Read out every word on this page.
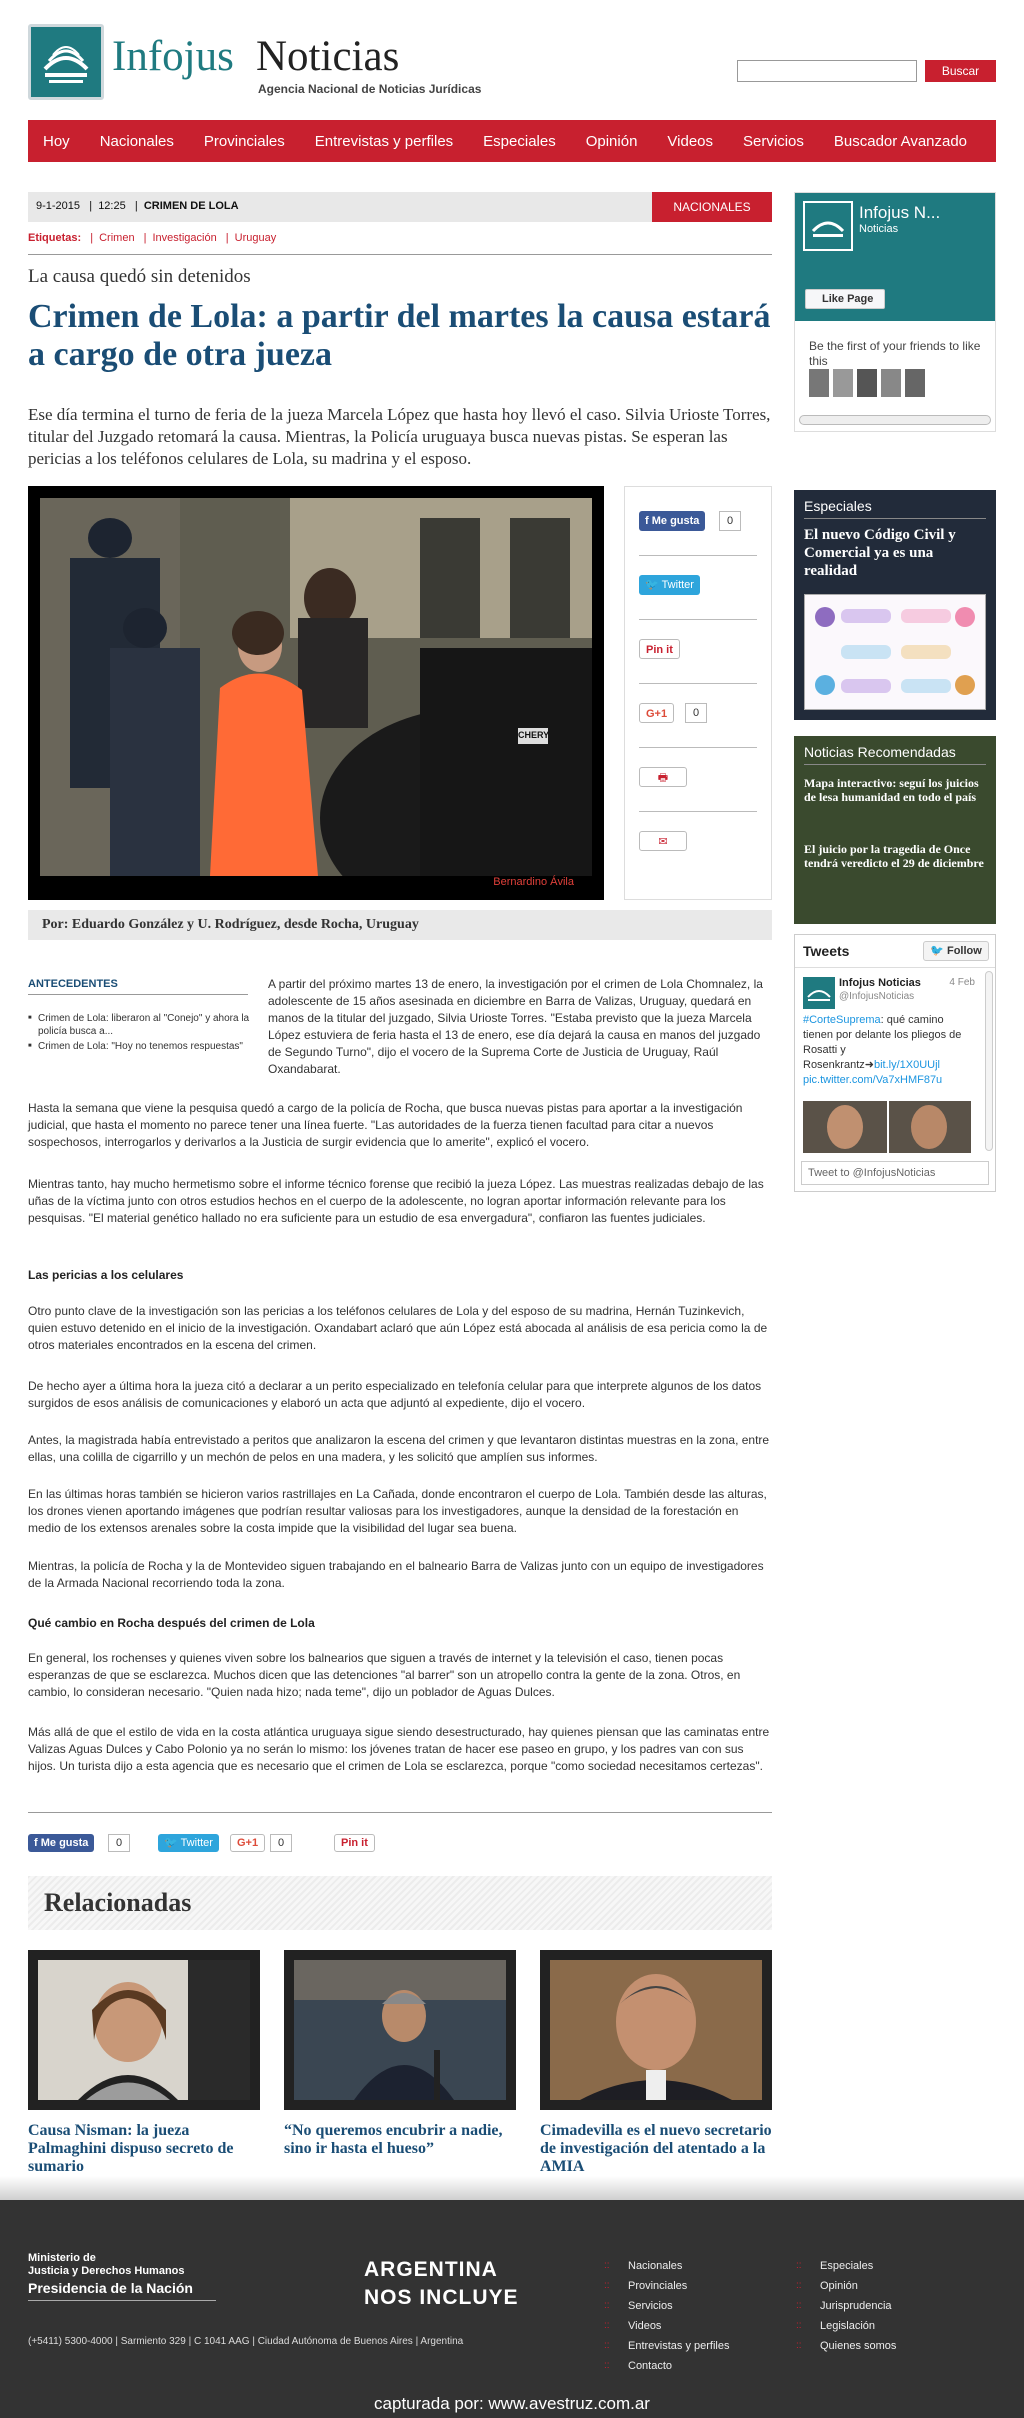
Infojus Noticias
Agencia Nacional de Noticias Jurídicas
Buscar
Hoy	Nacionales	Provinciales	Entrevistas y perfiles	Especiales	Opinión	Videos	Servicios	Buscador Avanzado
9-1-2015   |  12:25   |  CRIMEN DE LOLA	NACIONALES
Etiquetas: | Crimen | Investigación | Uruguay
La causa quedó sin detenidos
Crimen de Lola: a partir del martes la causa estará a cargo de otra jueza
Ese día termina el turno de feria de la jueza Marcela López que hasta hoy llevó el caso. Silvia Urioste Torres, titular del Juzgado retomará la causa. Mientras, la Policía uruguaya busca nuevas pistas. Se esperan las pericias a los teléfonos celulares de Lola, su madrina y el esposo.
CHERY
Bernardino Ávila
f Me gusta	0
🐦 Twitter
Pin it
G+1	0
🖶
✉
Por: Eduardo González y U. Rodríguez, desde Rocha, Uruguay
ANTECEDENTES
■ Crimen de Lola: liberaron al "Conejo" y ahora la policía busca a...
■ Crimen de Lola: "Hoy no tenemos respuestas"
A partir del próximo martes 13 de enero, la investigación por el crimen de Lola Chomnalez, la adolescente de 15 años asesinada en diciembre en Barra de Valizas, Uruguay, quedará en manos de la titular del juzgado, Silvia Urioste Torres. "Estaba previsto que la jueza Marcela López estuviera de feria hasta el 13 de enero, ese día dejará la causa en manos del juzgado de Segundo Turno", dijo el vocero de la Suprema Corte de Justicia de Uruguay, Raúl Oxandabarat.
Hasta la semana que viene la pesquisa quedó a cargo de la policía de Rocha, que busca nuevas pistas para aportar a la investigación judicial, que hasta el momento no parece tener una línea fuerte. "Las autoridades de la fuerza tienen facultad para citar a nuevos sospechosos, interrogarlos y derivarlos a la Justicia de surgir evidencia que lo amerite", explicó el vocero.
Mientras tanto, hay mucho hermetismo sobre el informe técnico forense que recibió la jueza López. Las muestras realizadas debajo de las uñas de la víctima junto con otros estudios hechos en el cuerpo de la adolescente, no logran aportar información relevante para los pesquisas. "El material genético hallado no era suficiente para un estudio de esa envergadura", confiaron las fuentes judiciales.
Las pericias a los celulares
Otro punto clave de la investigación son las pericias a los teléfonos celulares de Lola y del esposo de su madrina, Hernán Tuzinkevich, quien estuvo detenido en el inicio de la investigación. Oxandabart aclaró que aún López está abocada al análisis de esa pericia como la de otros materiales encontrados en la escena del crimen.
De hecho ayer a última hora la jueza citó a declarar a un perito especializado en telefonía celular para que interprete algunos de los datos surgidos de esos análisis de comunicaciones y elaboró un acta que adjuntó al expediente, dijo el vocero.
Antes, la magistrada había entrevistado a peritos que analizaron la escena del crimen y que levantaron distintas muestras en la zona, entre ellas, una colilla de cigarrillo y un mechón de pelos en una madera, y les solicitó que amplíen sus informes.
En las últimas horas también se hicieron varios rastrillajes en La Cañada, donde encontraron el cuerpo de Lola. También desde las alturas, los drones vienen aportando imágenes que podrían resultar valiosas para los investigadores, aunque la densidad de la forestación en medio de los extensos arenales sobre la costa impide que la visibilidad del lugar sea buena.
Mientras, la policía de Rocha y la de Montevideo siguen trabajando en el balneario Barra de Valizas junto con un equipo de investigadores de la Armada Nacional recorriendo toda la zona.
Qué cambio en Rocha después del crimen de Lola
En general, los rochenses y quienes viven sobre los balnearios que siguen a través de internet y la televisión el caso, tienen pocas esperanzas de que se esclarezca. Muchos dicen que las detenciones "al barrer" son un atropello contra la gente de la zona. Otros, en cambio, lo consideran necesario. "Quien nada hizo; nada teme", dijo un poblador de Aguas Dulces.
Más allá de que el estilo de vida en la costa atlántica uruguaya sigue siendo desestructurado, hay quienes piensan que las caminatas entre Valizas Aguas Dulces y Cabo Polonio ya no serán lo mismo: los jóvenes tratan de hacer ese paseo en grupo, y los padres van con sus hijos. Un turista dijo a esta agencia que es necesario que el crimen de Lola se esclarezca, porque "como sociedad necesitamos certezas".
f Me gusta	0	🐦 Twitter	G+1	0	Pin it
Relacionadas
Causa Nisman: la jueza Palmaghini dispuso secreto de sumario
“No queremos encubrir a nadie, sino ir hasta el hueso”
Cimadevilla es el nuevo secretario de investigación del atentado a la AMIA
Infojus N...
Noticias
Like Page
Be the first of your friends to like this
Especiales
El nuevo Código Civil y Comercial ya es una realidad
Noticias Recomendadas
Mapa interactivo: seguí los juicios de lesa humanidad en todo el país
El juicio por la tragedia de Once tendrá veredicto el 29 de diciembre
Tweets	🐦 Follow
Infojus Noticias	4 Feb
@InfojusNoticias
#CorteSuprema: qué camino tienen por delante los pliegos de Rosatti y Rosenkrantz➜bit.ly/1X0UUjl
pic.twitter.com/Va7xHMF87u
Tweet to @InfojusNoticias
Ministerio de
Justicia y Derechos Humanos
Presidencia de la Nación
ARGENTINA
NOS INCLUYE
(+5411) 5300-4000 | Sarmiento 329 | C 1041 AAG | Ciudad Autónoma de Buenos Aires | Argentina
:: Nacionales
:: Provinciales
:: Servicios
:: Videos
:: Entrevistas y perfiles
:: Contacto
:: Especiales
:: Opinión
:: Jurisprudencia
:: Legislación
:: Quienes somos
capturada por: www.avestruz.com.ar
